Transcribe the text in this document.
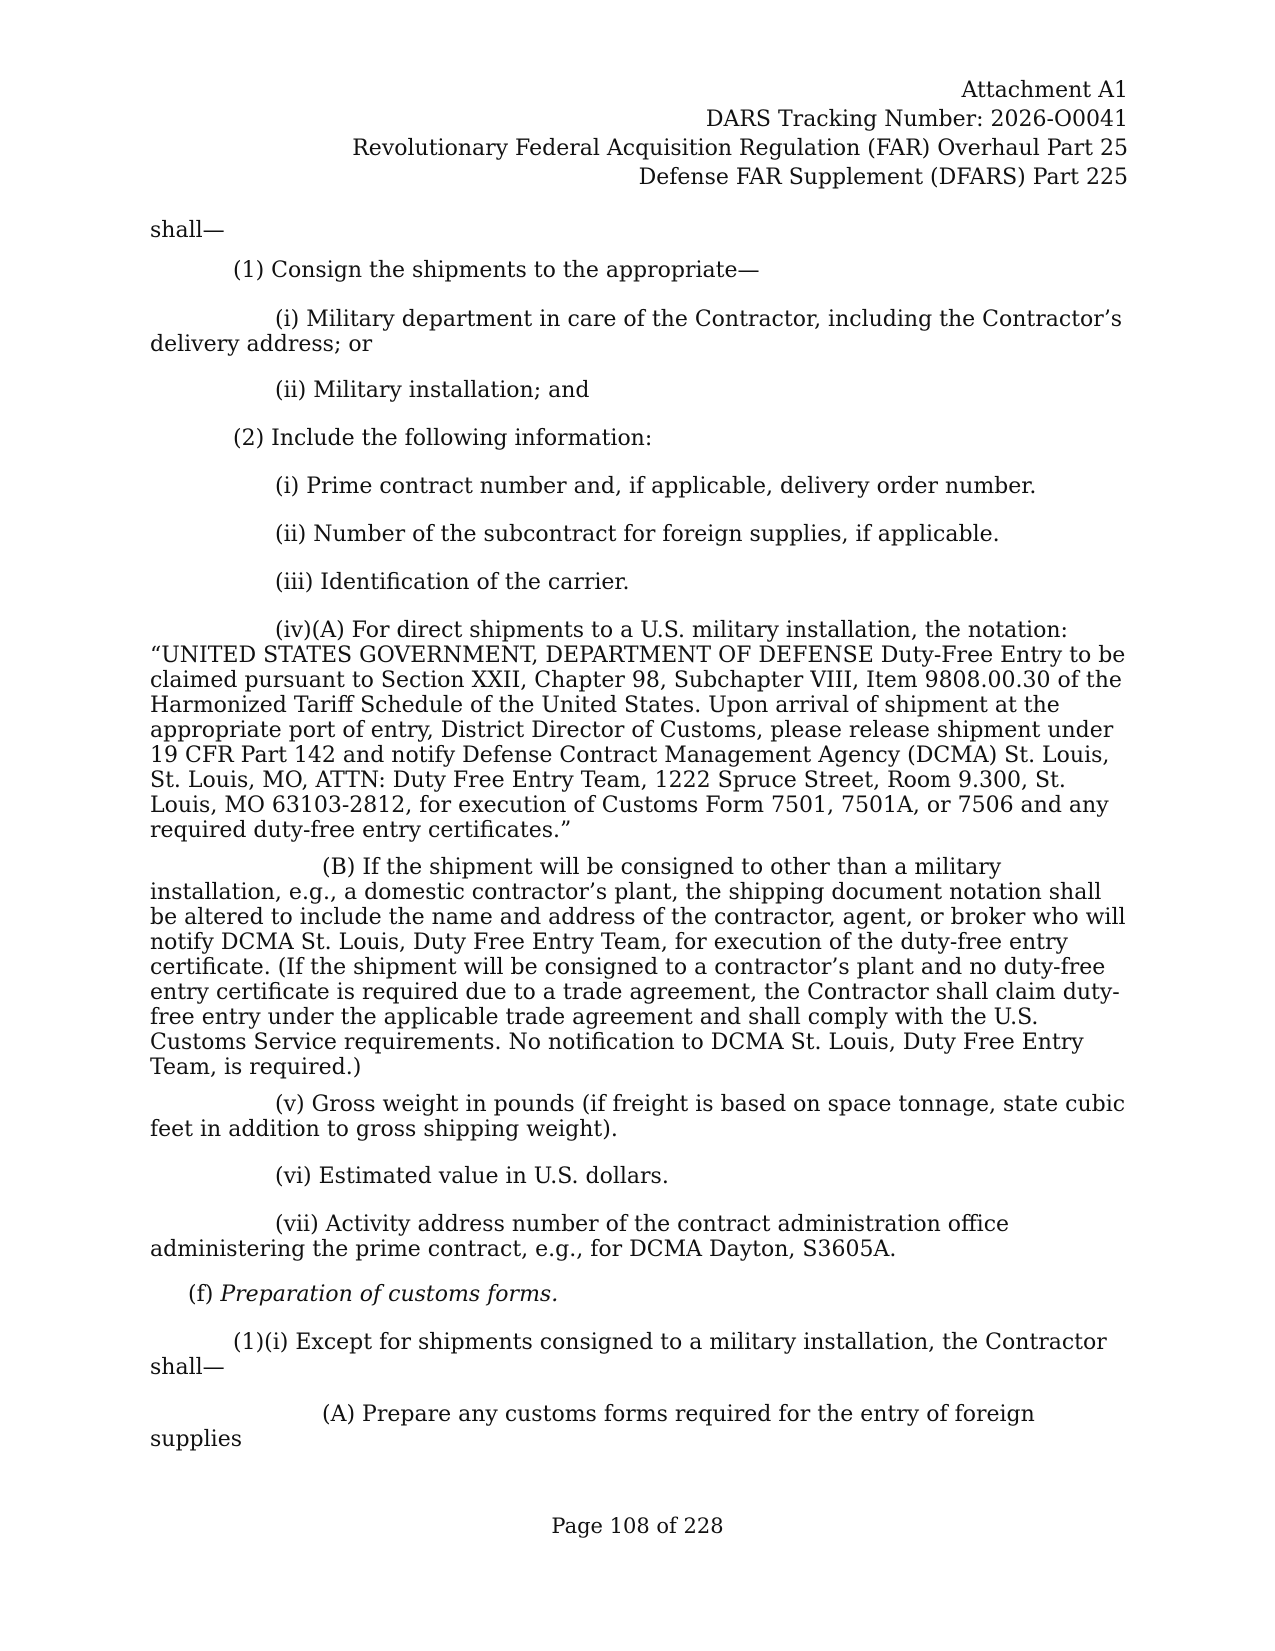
Attachment A1
DARS Tracking Number: 2026-O0041
Revolutionary Federal Acquisition Regulation (FAR) Overhaul Part 25
Defense FAR Supplement (DFARS) Part 225

shall—

(1) Consign the shipments to the appropriate—

(i) Military department in care of the Contractor, including the Contractor’s delivery address; or

(ii) Military installation; and

(2) Include the following information:

(i) Prime contract number and, if applicable, delivery order number.

(ii) Number of the subcontract for foreign supplies, if applicable.

(iii) Identification of the carrier.

(iv)(A) For direct shipments to a U.S. military installation, the notation: “UNITED STATES GOVERNMENT, DEPARTMENT OF DEFENSE Duty-Free Entry to be claimed pursuant to Section XXII, Chapter 98, Subchapter VIII, Item 9808.00.30 of the Harmonized Tariff Schedule of the United States. Upon arrival of shipment at the appropriate port of entry, District Director of Customs, please release shipment under 19 CFR Part 142 and notify Defense Contract Management Agency (DCMA) St. Louis, St. Louis, MO, ATTN: Duty Free Entry Team, 1222 Spruce Street, Room 9.300, St. Louis, MO 63103-2812, for execution of Customs Form 7501, 7501A, or 7506 and any required duty-free entry certificates.”

(B) If the shipment will be consigned to other than a military installation, e.g., a domestic contractor’s plant, the shipping document notation shall be altered to include the name and address of the contractor, agent, or broker who will notify DCMA St. Louis, Duty Free Entry Team, for execution of the duty-free entry certificate. (If the shipment will be consigned to a contractor’s plant and no duty-free entry certificate is required due to a trade agreement, the Contractor shall claim duty-free entry under the applicable trade agreement and shall comply with the U.S. Customs Service requirements. No notification to DCMA St. Louis, Duty Free Entry Team, is required.)

(v) Gross weight in pounds (if freight is based on space tonnage, state cubic feet in addition to gross shipping weight).

(vi) Estimated value in U.S. dollars.

(vii) Activity address number of the contract administration office administering the prime contract, e.g., for DCMA Dayton, S3605A.

(f) Preparation of customs forms.

(1)(i) Except for shipments consigned to a military installation, the Contractor shall—

(A) Prepare any customs forms required for the entry of foreign supplies

Page 108 of 228
